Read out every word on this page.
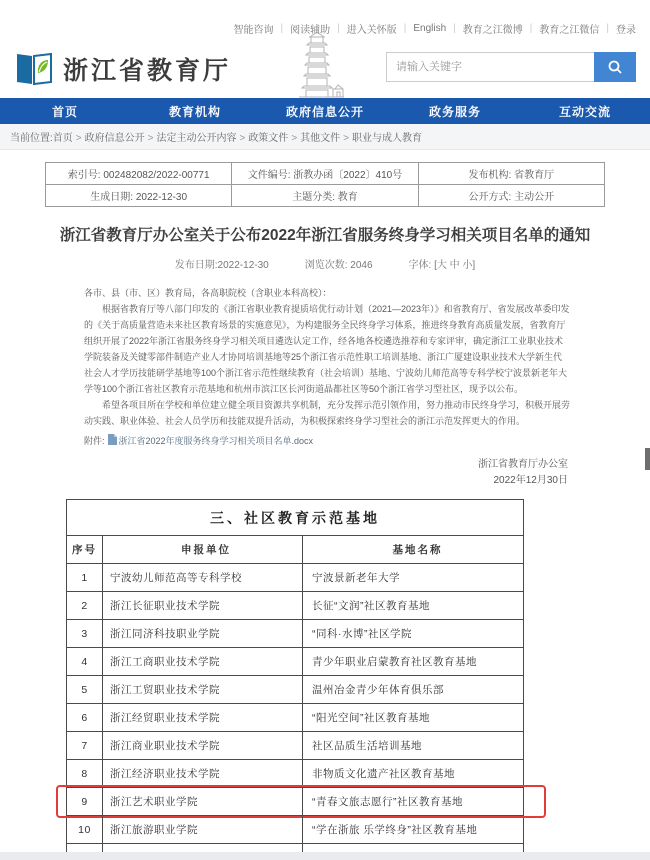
智能咨询 | 阅读辅助 | 进入关怀版 | English | 教育之江微博 | 教育之江微信 | 登录
浙江省教育厅
请输入关键字
首页	教育机构	政府信息公开	政务服务	互动交流
当前位置: 首页 > 政府信息公开 > 法定主动公开内容 > 政策文件 > 其他文件 > 职业与成人教育
索引号: 002482082/2022-00771	文件编号: 浙教办函〔2022〕410号	发布机构: 省教育厅
生成日期: 2022-12-30	主题分类: 教育	公开方式: 主动公开
浙江省教育厅办公室关于公布2022年浙江省服务终身学习相关项目名单的通知
发布日期:2022-12-30	浏览次数: 2046	字体: [大 中 小]

各市、县（市、区）教育局，各高职院校（含职业本科高校）：

根据省教育厅等八部门印发的《浙江省职业教育提质培优行动计划（2021—2023年）》和省教育厅、省发展改革委印发的《关于高质量营造未来社区教育场景的实施意见》，为构建服务全民终身学习体系，推进终身教育高质量发展，省教育厅组织开展了2022年浙江省服务终身学习相关项目遴选认定工作，经各地各校遴选推荐和专家评审，确定浙江工业职业技术学院装备及关键零部件制造产业人才协同培训基地等25个浙江省示范性职工培训基地、浙江广厦建设职业技术大学新生代社会人才学历技能研学基地等100个浙江省示范性继续教育（社会培训）基地、宁波幼儿师范高等专科学校宁波景新老年大学等100个浙江省社区教育示范基地和杭州市滨江区长河街道晶都社区等50个浙江省学习型社区，现予以公布。

希望各项目所在学校和单位建立健全项目资源共享机制，充分发挥示范引领作用，努力推动市民终身学习，积极开展劳动实践、职业体验、社会人员学历和技能双提升活动，为积极探索终身学习型社会的浙江示范发挥更大的作用。

附件: 浙江省2022年度服务终身学习相关项目名单.docx

浙江省教育厅办公室
2022年12月30日
三、社区教育示范基地
序号	申报单位	基地名称
1	宁波幼儿师范高等专科学校	宁波景新老年大学
2	浙江长征职业技术学院	长征“文润”社区教育基地
3	浙江同济科技职业学院	“同科·水博”社区学院
4	浙江工商职业技术学院	青少年职业启蒙教育社区教育基地
5	浙江工贸职业技术学院	温州冶金青少年体育俱乐部
6	浙江经贸职业技术学院	“阳光空间”社区教育基地
7	浙江商业职业技术学院	社区品质生活培训基地
8	浙江经济职业技术学院	非物质文化遗产社区教育基地
9	浙江艺术职业学院	“青春文旅志愿行”社区教育基地
10	浙江旅游职业学院	“学在浙旅 乐学终身”社区教育基地
